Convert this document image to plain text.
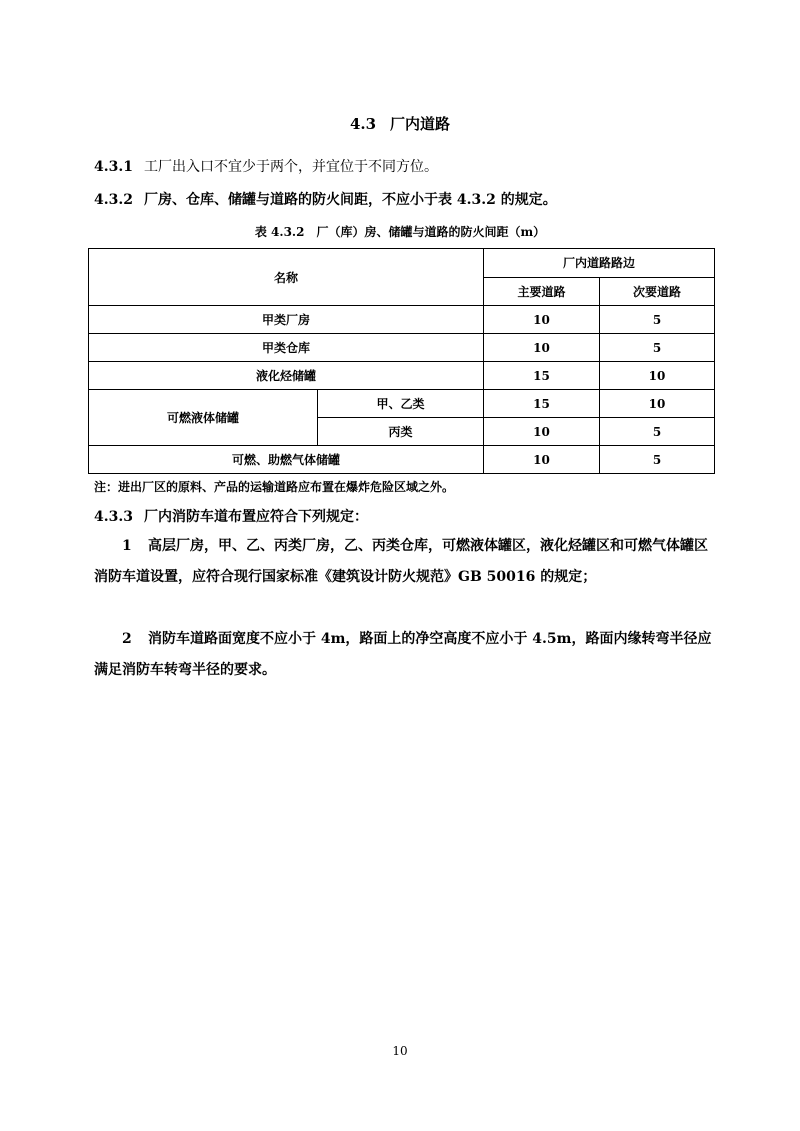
4.3 厂内道路
4.3.1 工厂出入口不宜少于两个，并宜位于不同方位。
4.3.2 厂房、仓库、储罐与道路的防火间距，不应小于表 4.3.2 的规定。
表 4.3.2　厂（库）房、储罐与道路的防火间距（m）
名称		厂内道路路边	
		主要道路	次要道路
甲类厂房		10	5
甲类仓库		10	5
液化烃储罐		15	10
可燃液体储罐	甲、乙类	15	10
	丙类	10	5
可燃、助燃气体储罐		10	5
注：进出厂区的原料、产品的运输道路应布置在爆炸危险区域之外。
4.3.3 厂内消防车道布置应符合下列规定：
1 高层厂房，甲、乙、丙类厂房，乙、丙类仓库，可燃液体罐区，液化烃罐区和可燃气体罐区消防车道设置，应符合现行国家标准《建筑设计防火规范》GB 50016 的规定；
2 消防车道路面宽度不应小于 4m，路面上的净空高度不应小于 4.5m，路面内缘转弯半径应满足消防车转弯半径的要求。
10
